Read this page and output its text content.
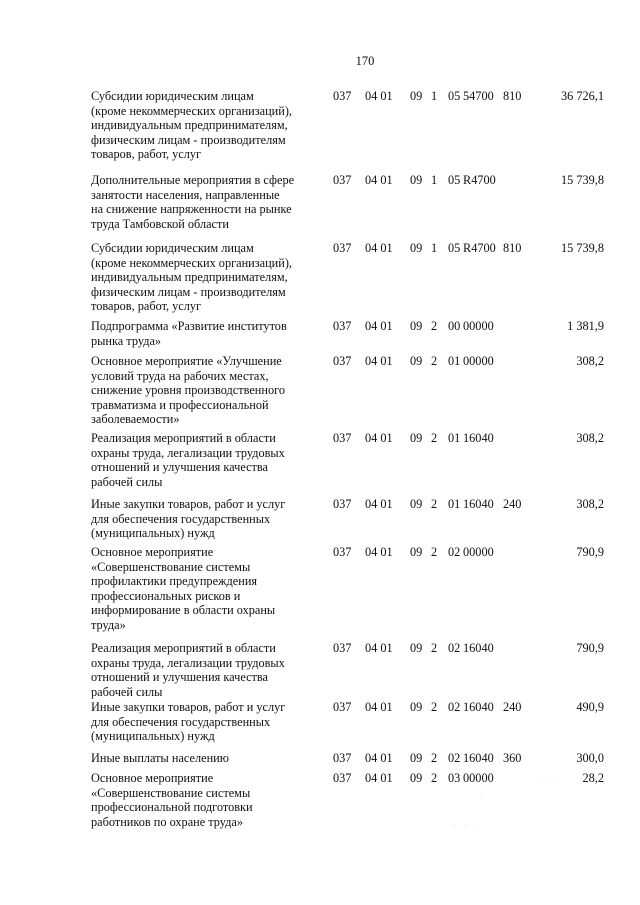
170
Субсидии юридическим лицам
(кроме некоммерческих организаций),
индивидуальным предпринимателям,
физическим лицам - производителям
товаров, работ, услуг
037 04 01 09 1 05 54700 810	36 726,1
Дополнительные мероприятия в сфере
занятости населения, направленные
на снижение напряженности на рынке
труда Тамбовской области
037 04 01 09 1 05 R4700	15 739,8
Субсидии юридическим лицам
(кроме некоммерческих организаций),
индивидуальным предпринимателям,
физическим лицам - производителям
товаров, работ, услуг
037 04 01 09 1 05 R4700 810	15 739,8
Подпрограмма «Развитие институтов
рынка труда»
037 04 01 09 2 00 00000	1 381,9
Основное мероприятие «Улучшение
условий труда на рабочих местах,
снижение уровня производственного
травматизма и профессиональной
заболеваемости»
037 04 01 09 2 01 00000	308,2
Реализация мероприятий в области
охраны труда, легализации трудовых
отношений и улучшения качества
рабочей силы
037 04 01 09 2 01 16040	308,2
Иные закупки товаров, работ и услуг
для обеспечения государственных
(муниципальных) нужд
037 04 01 09 2 01 16040 240	308,2
Основное мероприятие
«Совершенствование системы
профилактики предупреждения
профессиональных рисков и
информирование в области охраны
труда»
037 04 01 09 2 02 00000	790,9
Реализация мероприятий в области
охраны труда, легализации трудовых
отношений и улучшения качества
рабочей силы
037 04 01 09 2 02 16040	790,9
Иные закупки товаров, работ и услуг
для обеспечения государственных
(муниципальных) нужд
037 04 01 09 2 02 16040 240	490,9
Иные выплаты населению	037 04 01 09 2 02 16040 360	300,0
Основное мероприятие
«Совершенствование системы
профессиональной подготовки
работников по охране труда»
037 04 01 09 2 03 00000	28,2
. . .
.
. . .
